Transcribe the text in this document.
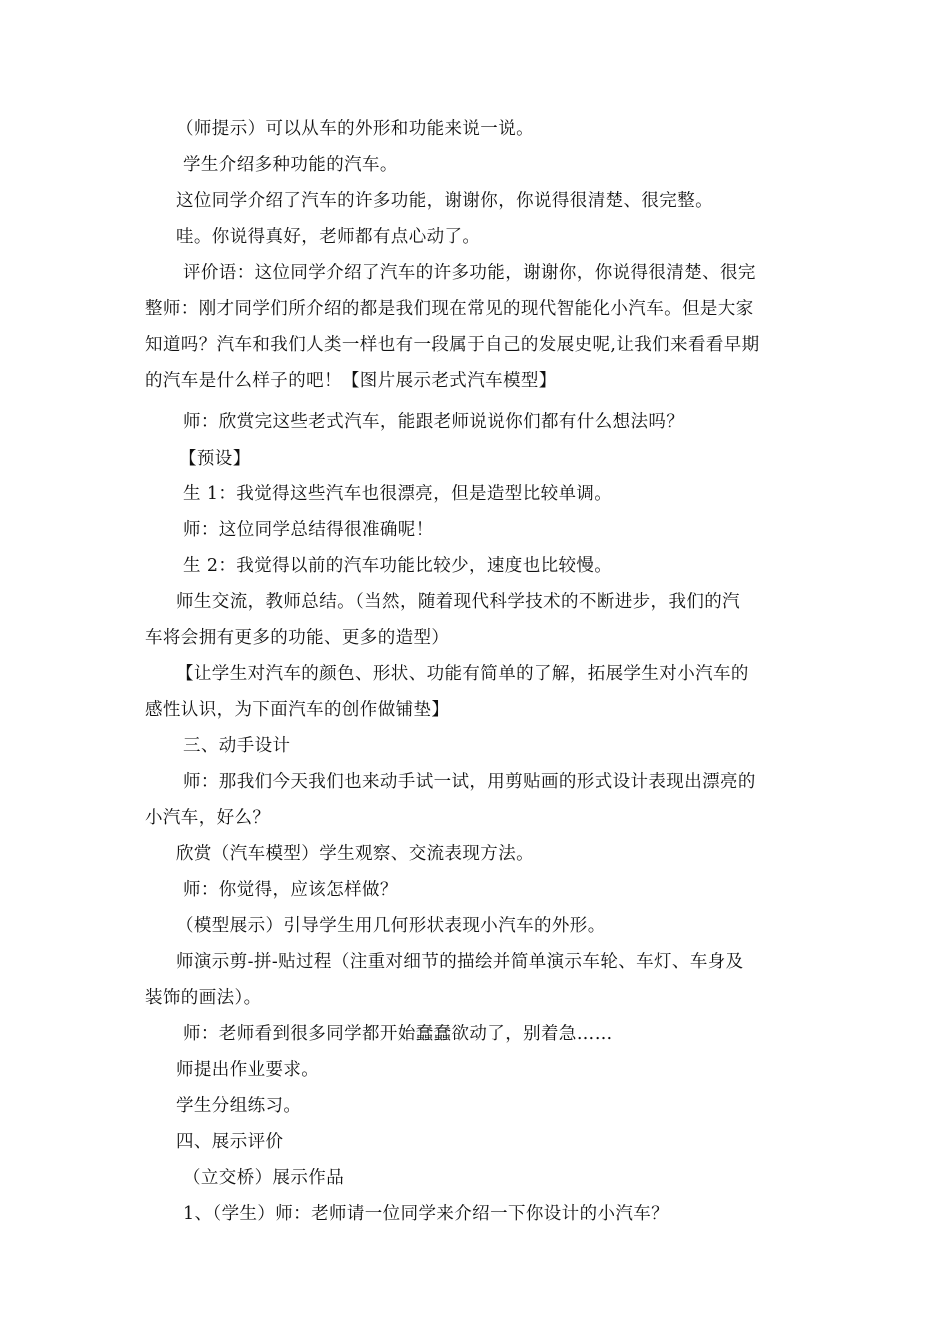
（师提示）可以从车的外形和功能来说一说。
学生介绍多种功能的汽车。
这位同学介绍了汽车的许多功能，谢谢你，你说得很清楚、很完整。
哇。你说得真好，老师都有点心动了。
评价语：这位同学介绍了汽车的许多功能，谢谢你，你说得很清楚、很完
整师：刚才同学们所介绍的都是我们现在常见的现代智能化小汽车。但是大家
知道吗？汽车和我们人类一样也有一段属于自己的发展史呢,让我们来看看早期
的汽车是什么样子的吧！【图片展示老式汽车模型】
师：欣赏完这些老式汽车，能跟老师说说你们都有什么想法吗？
【预设】
生 1：我觉得这些汽车也很漂亮，但是造型比较单调。
师：这位同学总结得很准确呢！
生 2：我觉得以前的汽车功能比较少，速度也比较慢。
师生交流，教师总结。（当然，随着现代科学技术的不断进步，我们的汽
车将会拥有更多的功能、更多的造型）
【让学生对汽车的颜色、形状、功能有简单的了解，拓展学生对小汽车的
感性认识，为下面汽车的创作做铺垫】
三、动手设计
师：那我们今天我们也来动手试一试，用剪贴画的形式设计表现出漂亮的
小汽车，好么？
欣赏（汽车模型）学生观察、交流表现方法。
师：你觉得，应该怎样做？
（模型展示）引导学生用几何形状表现小汽车的外形。
师演示剪-拼-贴过程（注重对细节的描绘并简单演示车轮、车灯、车身及
装饰的画法）。
师：老师看到很多同学都开始蠢蠢欲动了，别着急……
师提出作业要求。
学生分组练习。
四、展示评价
（立交桥）展示作品
1、（学生）师：老师请一位同学来介绍一下你设计的小汽车？
